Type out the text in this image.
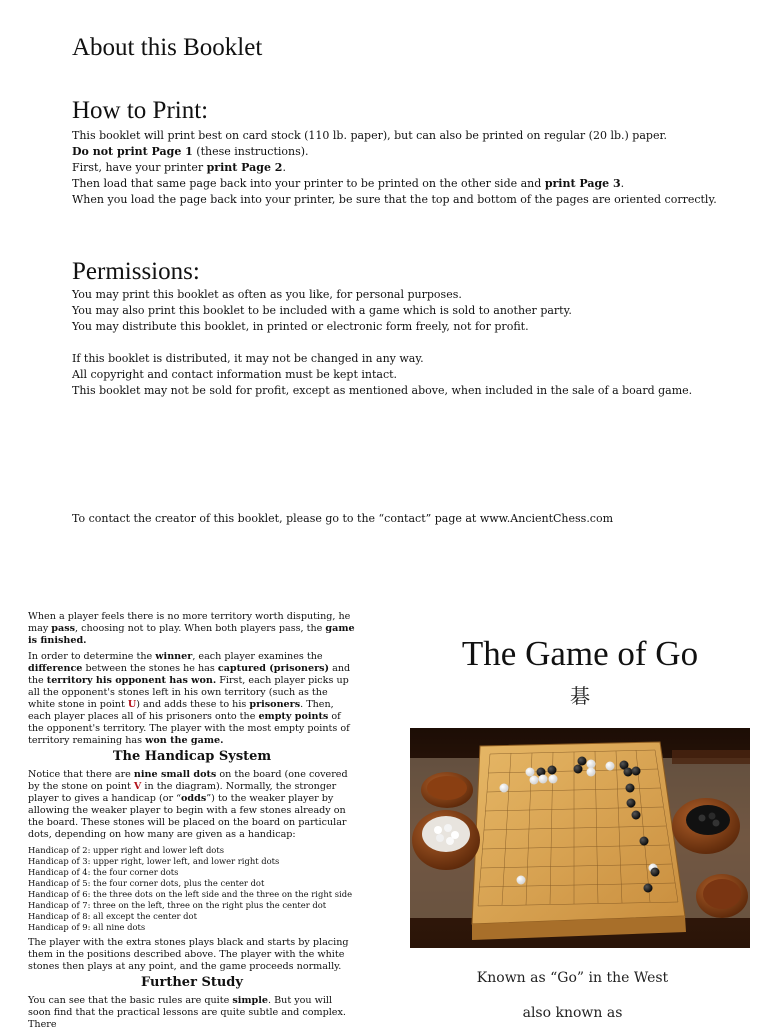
About this Booklet
How to Print:
This booklet will print best on card stock (110 lb. paper), but can also be printed on regular (20 lb.) paper.
Do not print Page 1 (these instructions).
First, have your printer print Page 2.
Then load that same page back into your printer to be printed on the other side and print Page 3.
When you load the page back into your printer, be sure that the top and bottom of the pages are oriented correctly.
Permissions:
You may print this booklet as often as you like, for personal purposes.
You may also print this booklet to be included with a game which is sold to another party.
You may distribute this booklet, in printed or electronic form freely, not for profit.
If this booklet is distributed, it may not be changed in any way.
All copyright and contact information must be kept intact.
This booklet may not be sold for profit, except as mentioned above, when included in the sale of a board game.
To contact the creator of this booklet, please go to the “contact” page at www.AncientChess.com

When a player feels there is no more territory worth disputing, he may pass, choosing not to play. When both players pass, the game is finished.

In order to determine the winner, each player examines the difference between the stones he has captured (prisoners) and the territory his opponent has won. First, each player picks up all the opponent's stones left in his own territory (such as the white stone in point U) and adds these to his prisoners. Then, each player places all of his prisoners onto the empty points of the opponent's territory. The player with the most empty points of territory remaining has won the game.

The Handicap System

Notice that there are nine small dots on the board (one covered by the stone on point V in the diagram). Normally, the stronger player to gives a handicap (or “odds”) to the weaker player by allowing the weaker player to begin with a few stones already on the board. These stones will be placed on the board on particular dots, depending on how many are given as a handicap:

Handicap of 2: upper right and lower left dots
Handicap of 3: upper right, lower left, and lower right dots
Handicap of 4: the four corner dots
Handicap of 5: the four corner dots, plus the center dot
Handicap of 6: the three dots on the left side and the three on the right side
Handicap of 7: three on the left, three on the right plus the center dot
Handicap of 8: all except the center dot
Handicap of 9: all nine dots

The player with the extra stones plays black and starts by placing them in the positions described above. The player with the white stones then plays at any point, and the game proceeds normally.

Further Study

You can see that the basic rules are quite simple. But you will soon find that the practical lessons are quite subtle and complex. There

The Game of Go
碁
Known as “Go” in the West
also known as
